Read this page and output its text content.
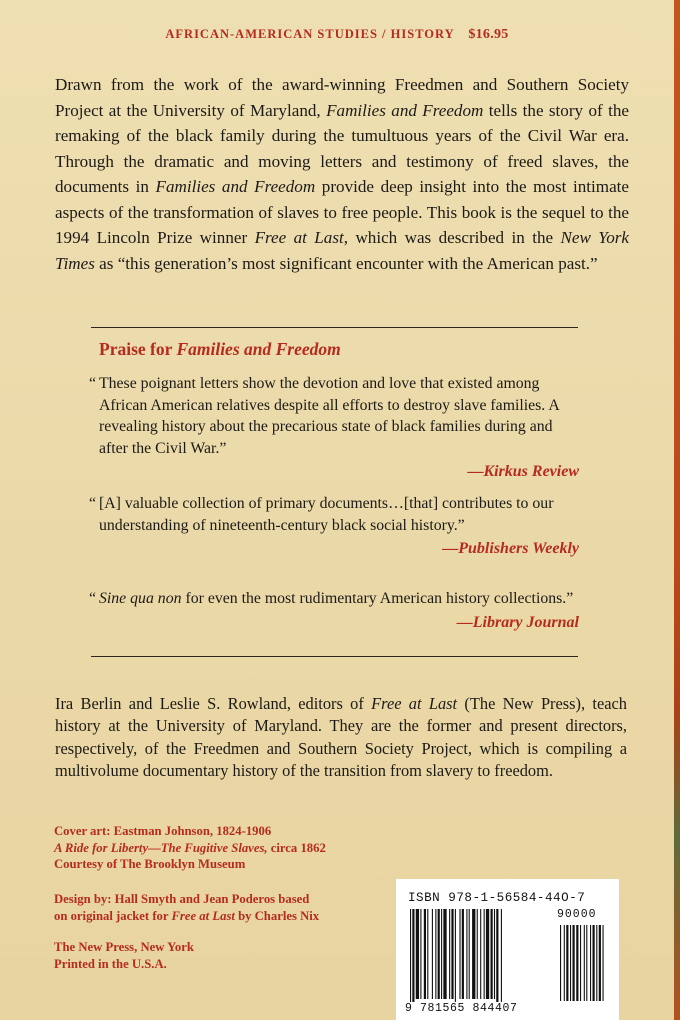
AFRICAN-AMERICAN STUDIES / HISTORY $16.95

Drawn from the work of the award-winning Freedmen and Southern Society Project at the University of Maryland, Families and Freedom tells the story of the remaking of the black family during the tumultuous years of the Civil War era. Through the dramatic and moving letters and testimony of freed slaves, the documents in Families and Freedom provide deep insight into the most intimate aspects of the transformation of slaves to free people. This book is the sequel to the 1994 Lincoln Prize winner Free at Last, which was described in the New York Times as “this generation’s most significant encounter with the American past.”

Praise for Families and Freedom
“ These poignant letters show the devotion and love that existed among African American relatives despite all efforts to destroy slave families. A revealing history about the precarious state of black families during and after the Civil War.”
—Kirkus Review
“ [A] valuable collection of primary documents…[that] contributes to our understanding of nineteenth-century black social history.”
—Publishers Weekly
“ Sine qua non for even the most rudimentary American history collections.”
—Library Journal
Ira Berlin and Leslie S. Rowland, editors of Free at Last (The New Press), teach history at the University of Maryland. They are the former and present directors, respectively, of the Freedmen and Southern Society Project, which is compiling a multivolume documentary history of the transition from slavery to freedom.
Cover art: Eastman Johnson, 1824-1906
A Ride for Liberty—The Fugitive Slaves, circa 1862
Courtesy of The Brooklyn Museum
Design by: Hall Smyth and Jean Poderos based
on original jacket for Free at Last by Charles Nix
The New Press, New York
Printed in the U.S.A.
ISBN 978-1-56584-44O-7
90000
9 781565 844407
